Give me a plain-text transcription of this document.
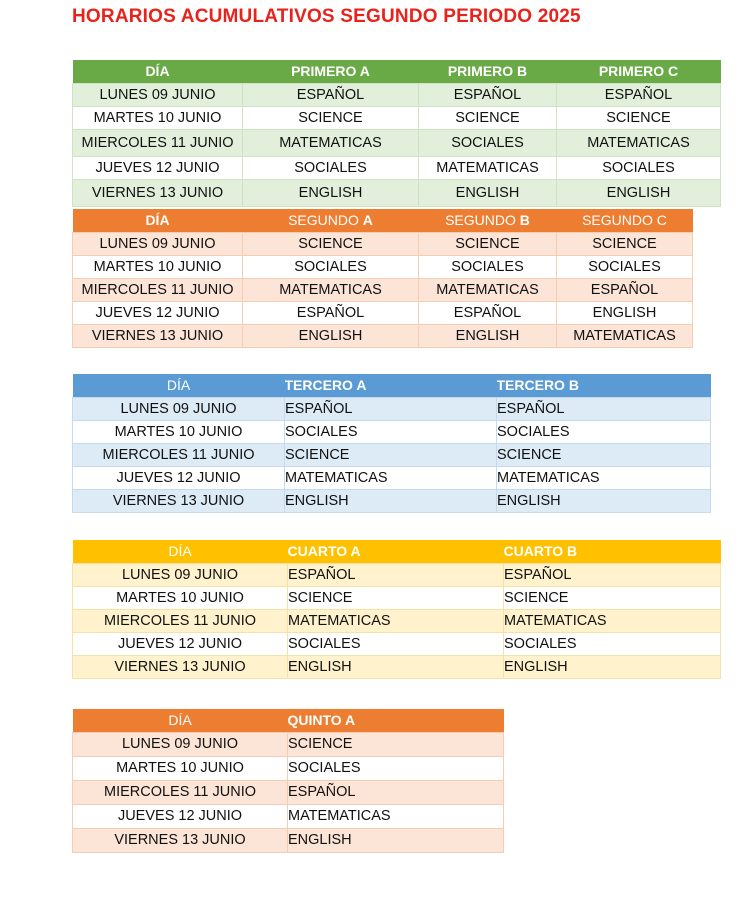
HORARIOS ACUMULATIVOS SEGUNDO PERIODO 2025
DÍA	PRIMERO A	PRIMERO B	PRIMERO C
LUNES 09 JUNIO	ESPAÑOL	ESPAÑOL	ESPAÑOL
MARTES 10 JUNIO	SCIENCE	SCIENCE	SCIENCE
MIERCOLES 11 JUNIO	MATEMATICAS	SOCIALES	MATEMATICAS
JUEVES 12 JUNIO	SOCIALES	MATEMATICAS	SOCIALES
VIERNES 13 JUNIO	ENGLISH	ENGLISH	ENGLISH
DÍA	SEGUNDO A	SEGUNDO B	SEGUNDO C
LUNES 09 JUNIO	SCIENCE	SCIENCE	SCIENCE
MARTES 10 JUNIO	SOCIALES	SOCIALES	SOCIALES
MIERCOLES 11 JUNIO	MATEMATICAS	MATEMATICAS	ESPAÑOL
JUEVES 12 JUNIO	ESPAÑOL	ESPAÑOL	ENGLISH
VIERNES 13 JUNIO	ENGLISH	ENGLISH	MATEMATICAS
DÍA	TERCERO A	TERCERO B
LUNES 09 JUNIO	ESPAÑOL	ESPAÑOL
MARTES 10 JUNIO	SOCIALES	SOCIALES
MIERCOLES 11 JUNIO	SCIENCE	SCIENCE
JUEVES 12 JUNIO	MATEMATICAS	MATEMATICAS
VIERNES 13 JUNIO	ENGLISH	ENGLISH
DÍA	CUARTO A	CUARTO B
LUNES 09 JUNIO	ESPAÑOL	ESPAÑOL
MARTES 10 JUNIO	SCIENCE	SCIENCE
MIERCOLES 11 JUNIO	MATEMATICAS	MATEMATICAS
JUEVES 12 JUNIO	SOCIALES	SOCIALES
VIERNES 13 JUNIO	ENGLISH	ENGLISH
DÍA	QUINTO A
LUNES 09 JUNIO	SCIENCE
MARTES 10 JUNIO	SOCIALES
MIERCOLES 11 JUNIO	ESPAÑOL
JUEVES 12 JUNIO	MATEMATICAS
VIERNES 13 JUNIO	ENGLISH
